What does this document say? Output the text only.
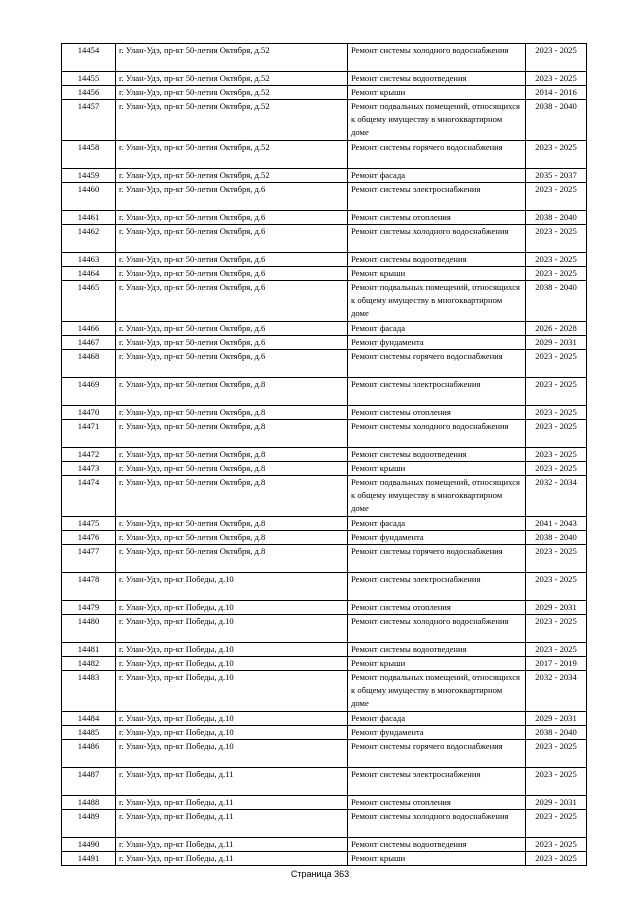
14454	г. Улан-Удэ, пр-кт 50-летия Октября, д.52	Ремонт системы холодного водоснабжения	2023 - 2025
14455	г. Улан-Удэ, пр-кт 50-летия Октября, д.52	Ремонт системы водоотведения	2023 - 2025
14456	г. Улан-Удэ, пр-кт 50-летия Октября, д.52	Ремонт крыши	2014 - 2016
14457	г. Улан-Удэ, пр-кт 50-летия Октября, д.52	Ремонт подвальных помещений, относящихся к общему имуществу в многоквартирном доме	2038 - 2040
14458	г. Улан-Удэ, пр-кт 50-летия Октября, д.52	Ремонт системы горячего водоснабжения	2023 - 2025
14459	г. Улан-Удэ, пр-кт 50-летия Октября, д.52	Ремонт фасада	2035 - 2037
14460	г. Улан-Удэ, пр-кт 50-летия Октября, д.6	Ремонт системы электроснабжения	2023 - 2025
14461	г. Улан-Удэ, пр-кт 50-летия Октября, д.6	Ремонт системы отопления	2038 - 2040
14462	г. Улан-Удэ, пр-кт 50-летия Октября, д.6	Ремонт системы холодного водоснабжения	2023 - 2025
14463	г. Улан-Удэ, пр-кт 50-летия Октября, д.6	Ремонт системы водоотведения	2023 - 2025
14464	г. Улан-Удэ, пр-кт 50-летия Октября, д.6	Ремонт крыши	2023 - 2025
14465	г. Улан-Удэ, пр-кт 50-летия Октября, д.6	Ремонт подвальных помещений, относящихся к общему имуществу в многоквартирном доме	2038 - 2040
14466	г. Улан-Удэ, пр-кт 50-летия Октября, д.6	Ремонт фасада	2026 - 2028
14467	г. Улан-Удэ, пр-кт 50-летия Октября, д.6	Ремонт фундамента	2029 - 2031
14468	г. Улан-Удэ, пр-кт 50-летия Октября, д.6	Ремонт системы горячего водоснабжения	2023 - 2025
14469	г. Улан-Удэ, пр-кт 50-летия Октября, д.8	Ремонт системы электроснабжения	2023 - 2025
14470	г. Улан-Удэ, пр-кт 50-летия Октября, д.8	Ремонт системы отопления	2023 - 2025
14471	г. Улан-Удэ, пр-кт 50-летия Октября, д.8	Ремонт системы холодного водоснабжения	2023 - 2025
14472	г. Улан-Удэ, пр-кт 50-летия Октября, д.8	Ремонт системы водоотведения	2023 - 2025
14473	г. Улан-Удэ, пр-кт 50-летия Октября, д.8	Ремонт крыши	2023 - 2025
14474	г. Улан-Удэ, пр-кт 50-летия Октября, д.8	Ремонт подвальных помещений, относящихся к общему имуществу в многоквартирном доме	2032 - 2034
14475	г. Улан-Удэ, пр-кт 50-летия Октября, д.8	Ремонт фасада	2041 - 2043
14476	г. Улан-Удэ, пр-кт 50-летия Октября, д.8	Ремонт фундамента	2038 - 2040
14477	г. Улан-Удэ, пр-кт 50-летия Октября, д.8	Ремонт системы горячего водоснабжения	2023 - 2025
14478	г. Улан-Удэ, пр-кт Победы, д.10	Ремонт системы электроснабжения	2023 - 2025
14479	г. Улан-Удэ, пр-кт Победы, д.10	Ремонт системы отопления	2029 - 2031
14480	г. Улан-Удэ, пр-кт Победы, д.10	Ремонт системы холодного водоснабжения	2023 - 2025
14481	г. Улан-Удэ, пр-кт Победы, д.10	Ремонт системы водоотведения	2023 - 2025
14482	г. Улан-Удэ, пр-кт Победы, д.10	Ремонт крыши	2017 - 2019
14483	г. Улан-Удэ, пр-кт Победы, д.10	Ремонт подвальных помещений, относящихся к общему имуществу в многоквартирном доме	2032 - 2034
14484	г. Улан-Удэ, пр-кт Победы, д.10	Ремонт фасада	2029 - 2031
14485	г. Улан-Удэ, пр-кт Победы, д.10	Ремонт фундамента	2038 - 2040
14486	г. Улан-Удэ, пр-кт Победы, д.10	Ремонт системы горячего водоснабжения	2023 - 2025
14487	г. Улан-Удэ, пр-кт Победы, д.11	Ремонт системы электроснабжения	2023 - 2025
14488	г. Улан-Удэ, пр-кт Победы, д.11	Ремонт системы отопления	2029 - 2031
14489	г. Улан-Удэ, пр-кт Победы, д.11	Ремонт системы холодного водоснабжения	2023 - 2025
14490	г. Улан-Удэ, пр-кт Победы, д.11	Ремонт системы водоотведения	2023 - 2025
14491	г. Улан-Удэ, пр-кт Победы, д.11	Ремонт крыши	2023 - 2025
Страница 363
